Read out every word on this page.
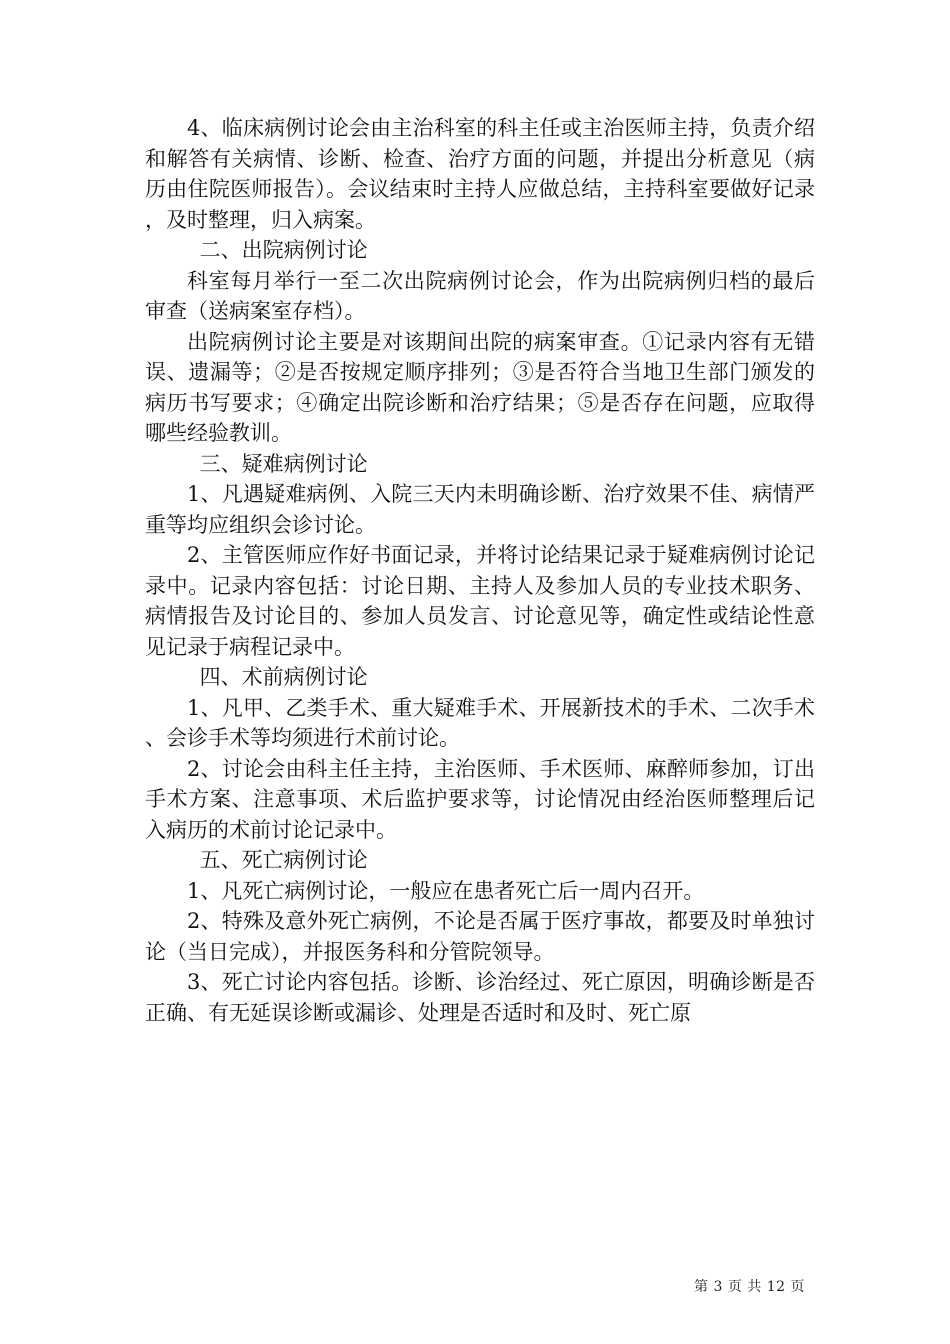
4、临床病例讨论会由主治科室的科主任或主治医师主持，负责介绍和解答有关病情、诊断、检查、治疗方面的问题，并提出分析意见（病历由住院医师报告）。会议结束时主持人应做总结，主持科室要做好记录，及时整理，归入病案。

二、出院病例讨论

科室每月举行一至二次出院病例讨论会，作为出院病例归档的最后审查（送病案室存档）。

出院病例讨论主要是对该期间出院的病案审查。①记录内容有无错误、遗漏等；②是否按规定顺序排列；③是否符合当地卫生部门颁发的病历书写要求；④确定出院诊断和治疗结果；⑤是否存在问题，应取得哪些经验教训。

三、疑难病例讨论

1、凡遇疑难病例、入院三天内未明确诊断、治疗效果不佳、病情严重等均应组织会诊讨论。

2、主管医师应作好书面记录，并将讨论结果记录于疑难病例讨论记录中。记录内容包括：讨论日期、主持人及参加人员的专业技术职务、病情报告及讨论目的、参加人员发言、讨论意见等，确定性或结论性意见记录于病程记录中。

四、术前病例讨论

1、凡甲、乙类手术、重大疑难手术、开展新技术的手术、二次手术、会诊手术等均须进行术前讨论。

2、讨论会由科主任主持，主治医师、手术医师、麻醉师参加，订出手术方案、注意事项、术后监护要求等，讨论情况由经治医师整理后记入病历的术前讨论记录中。

五、死亡病例讨论

1、凡死亡病例讨论，一般应在患者死亡后一周内召开。

2、特殊及意外死亡病例，不论是否属于医疗事故，都要及时单独讨论（当日完成），并报医务科和分管院领导。

3、死亡讨论内容包括。诊断、诊治经过、死亡原因，明确诊断是否正确、有无延误诊断或漏诊、处理是否适时和及时、死亡原

第 3 页 共 12 页
